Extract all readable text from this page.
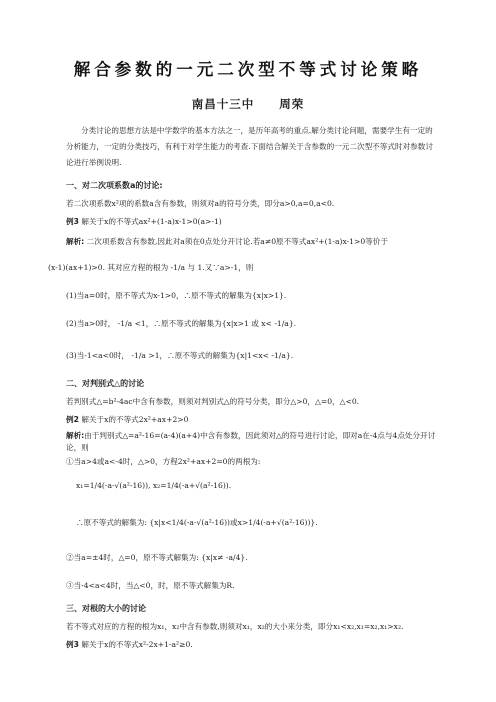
解合参数的一元二次型不等式讨论策略
南昌十三中　　周荣
分类讨论的思想方法是中学数学的基本方法之一，是历年高考的重点.解分类讨论问题，需要学生有一定的分析能力，一定的分类技巧，有利于对学生能力的考查.下面结合解关于含参数的一元二次型不等式时对参数讨论进行举例说明.
一、对二次项系数a的讨论:
若二次项系数x²项的系数a含有参数，则须对a的符号分类，即分a>0,a=0,a<0.
例3 解关于x的不等式ax²+(1-a)x-1>0(a>-1)
解析: 二次项系数含有参数,因此对a须在0点处分开讨论.若a≠0原不等式ax²+(1-a)x-1>0等价于
(x-1)(ax+1)>0. 其对应方程的根为 -1/a 与 1.又∵a>-1，则
(1)当a=0时，原不等式为x-1>0，∴原不等式的解集为{x|x>1}.
(2)当a>0时， -1/a <1，∴原不等式的解集为{x|x>1 或 x< -1/a}.
(3)当-1<a<0时， -1/a >1，∴原不等式的解集为{x|1<x< -1/a}.
二、对判别式△的讨论
若判别式△=b²-4ac中含有参数，则须对判别式△的符号分类，即分△>0，△=0，△<0.
例2 解关于x的不等式2x²+ax+2>0
解析:由于判别式△=a²-16=(a-4)(a+4)中含有参数，因此须对△的符号进行讨论，即对a在-4点与4点处分开讨论，则
①当a>4或a<-4时，△>0，方程2x²+ax+2=0的两根为:
x₁=1/4(-a-√(a²-16)), x₂=1/4(-a+√(a²-16)).
∴原不等式的解集为: {x|x<1/4(-a-√(a²-16))或x>1/4(-a+√(a²-16))}.
②当a=±4时，△=0，原不等式解集为: {x|x≠ -a/4}.
③当-4<a<4时，当△<0，时，原不等式解集为R.
三、对根的大小的讨论
若不等式对应的方程的根为x₁，x₂中含有参数,则须对x₁，x₂的大小来分类，即分x₁<x₂,x₁=x₂,x₁>x₂.
例3 解关于x的不等式x²-2x+1-a²≥0.
